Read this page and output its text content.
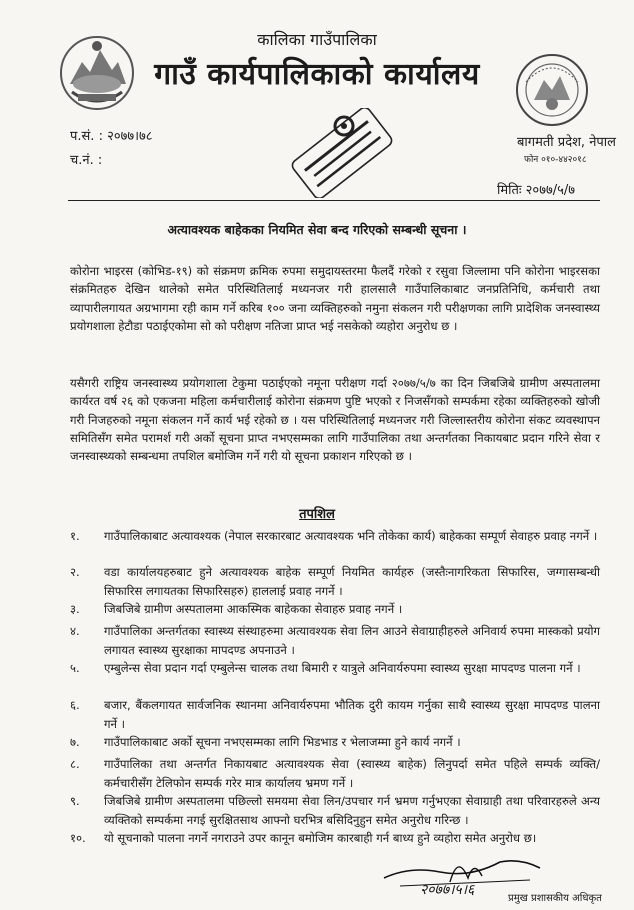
कालिका गाउँपालिका
गाउँ कार्यपालिकाको कार्यालय
प.सं. : २०७७।७८
च.नं. :
बागमती प्रदेश, नेपाल
फोन ०१०-४४२०१८
मितिः २०७७/५/७
अत्यावश्यक बाहेकका नियमित सेवा बन्द गरिएको सम्बन्धी सूचना ।

कोरोना भाइरस (कोभिड-१९) को संक्रमण क्रमिक रुपमा समुदायस्तरमा फैलदैं गरेको र रसुवा जिल्लामा पनि कोरोना भाइरसका संक्रमितहरु देखिन थालेको समेत परिस्थितिलाई मध्यनजर गरी हालसालै गाउँपालिकाबाट जनप्रतिनिधि, कर्मचारी तथा व्यापारीलगायत अग्रभागमा रही काम गर्ने करिब १०० जना व्यक्तिहरुको नमुना संकलन गरी परीक्षणका लागि प्रादेशिक जनस्वास्थ्य प्रयोगशाला हेटौडा पठाईएकोमा सो को परीक्षण नतिजा प्राप्त भई नसकेको व्यहोरा अनुरोध छ ।

यसैगरी राष्ट्रिय जनस्वास्थ्य प्रयोगशाला टेकुमा पठाईएको नमूना परीक्षण गर्दा २०७७/५/७ का दिन जिबजिबे ग्रामीण अस्पतालमा कार्यरत वर्ष २६ को एकजना महिला कर्मचारीलाई कोरोना संक्रमण पुष्टि भएको र निजसँगको सम्पर्कमा रहेका व्यक्तिहरुको खोजी गरी निजहरुको नमूना संकलन गर्ने कार्य भई रहेको छ । यस परिस्थितिलाई मध्यनजर गरी जिल्लास्तरीय कोरोना संकट व्यवस्थापन समितिसँग समेत परामर्श गरी अर्को सूचना प्राप्त नभएसम्मका लागि गाउँपालिका तथा अन्तर्गतका निकायबाट प्रदान गरिने सेवा र जनस्वास्थ्यको सम्बन्धमा तपशिल बमोजिम गर्ने गरी यो सूचना प्रकाशन गरिएको छ ।

तपशिल
१.	गाउँपालिकाबाट अत्यावश्यक (नेपाल सरकारबाट अत्यावश्यक भनि तोकेका कार्य) बाहेकका सम्पूर्ण सेवाहरु प्रवाह नगर्ने ।
२.	वडा कार्यालयहरुबाट हुने अत्यावश्यक बाहेक सम्पूर्ण नियमित कार्यहरु (जस्तैःनागरिकता सिफारिस, जग्गासम्बन्धी सिफारिस लगायतका सिफारिसहरु) हाललाई प्रवाह नगर्ने ।
३.	जिबजिबे ग्रामीण अस्पतालमा आकस्मिक बाहेकका सेवाहरु प्रवाह नगर्ने ।
४.	गाउँपालिका अन्तर्गतका स्वास्थ्य संस्थाहरुमा अत्यावश्यक सेवा लिन आउने सेवाग्राहीहरुले अनिवार्य रुपमा मास्कको प्रयोग लगायत स्वास्थ्य सुरक्षाका मापदण्ड अपनाउने ।
५.	एम्बुलेन्स सेवा प्रदान गर्दा एम्बुलेन्स चालक तथा बिमारी र यात्रुले अनिवार्यरुपमा स्वास्थ्य सुरक्षा मापदण्ड पालना गर्ने ।
६.	बजार, बैंकलगायत सार्वजनिक स्थानमा अनिवार्यरुपमा भौतिक दुरी कायम गर्नुका साथै स्वास्थ्य सुरक्षा मापदण्ड पालना गर्ने ।
७.	गाउँपालिकाबाट अर्को सूचना नभएसम्मका लागि भिडभाड र भेलाजम्मा हुने कार्य नगर्ने ।
८.	गाउँपालिका तथा अन्तर्गत निकायबाट अत्यावश्यक सेवा (स्वास्थ्य बाहेक) लिनुपर्दा समेत पहिले सम्पर्क व्यक्ति/कर्मचारीसँग टेलिफोन सम्पर्क गरेर मात्र कार्यालय भ्रमण गर्ने ।
९.	जिबजिबे ग्रामीण अस्पतालमा पछिल्लो समयमा सेवा लिन/उपचार गर्न भ्रमण गर्नुभएका सेवाग्राही तथा परिवारहरुले अन्य व्यक्तिको सम्पर्कमा नगई सुरक्षितसाथ आफ्नो घरभित्र बसिदिनुहुन समेत अनुरोध गरिन्छ ।
१०.	यो सूचनाको पालना नगर्ने नगराउने उपर कानून बमोजिम कारबाही गर्न बाध्य हुने व्यहोरा समेत अनुरोध छ।
२०७७।५।६
प्रमुख प्रशासकीय अधिकृत
